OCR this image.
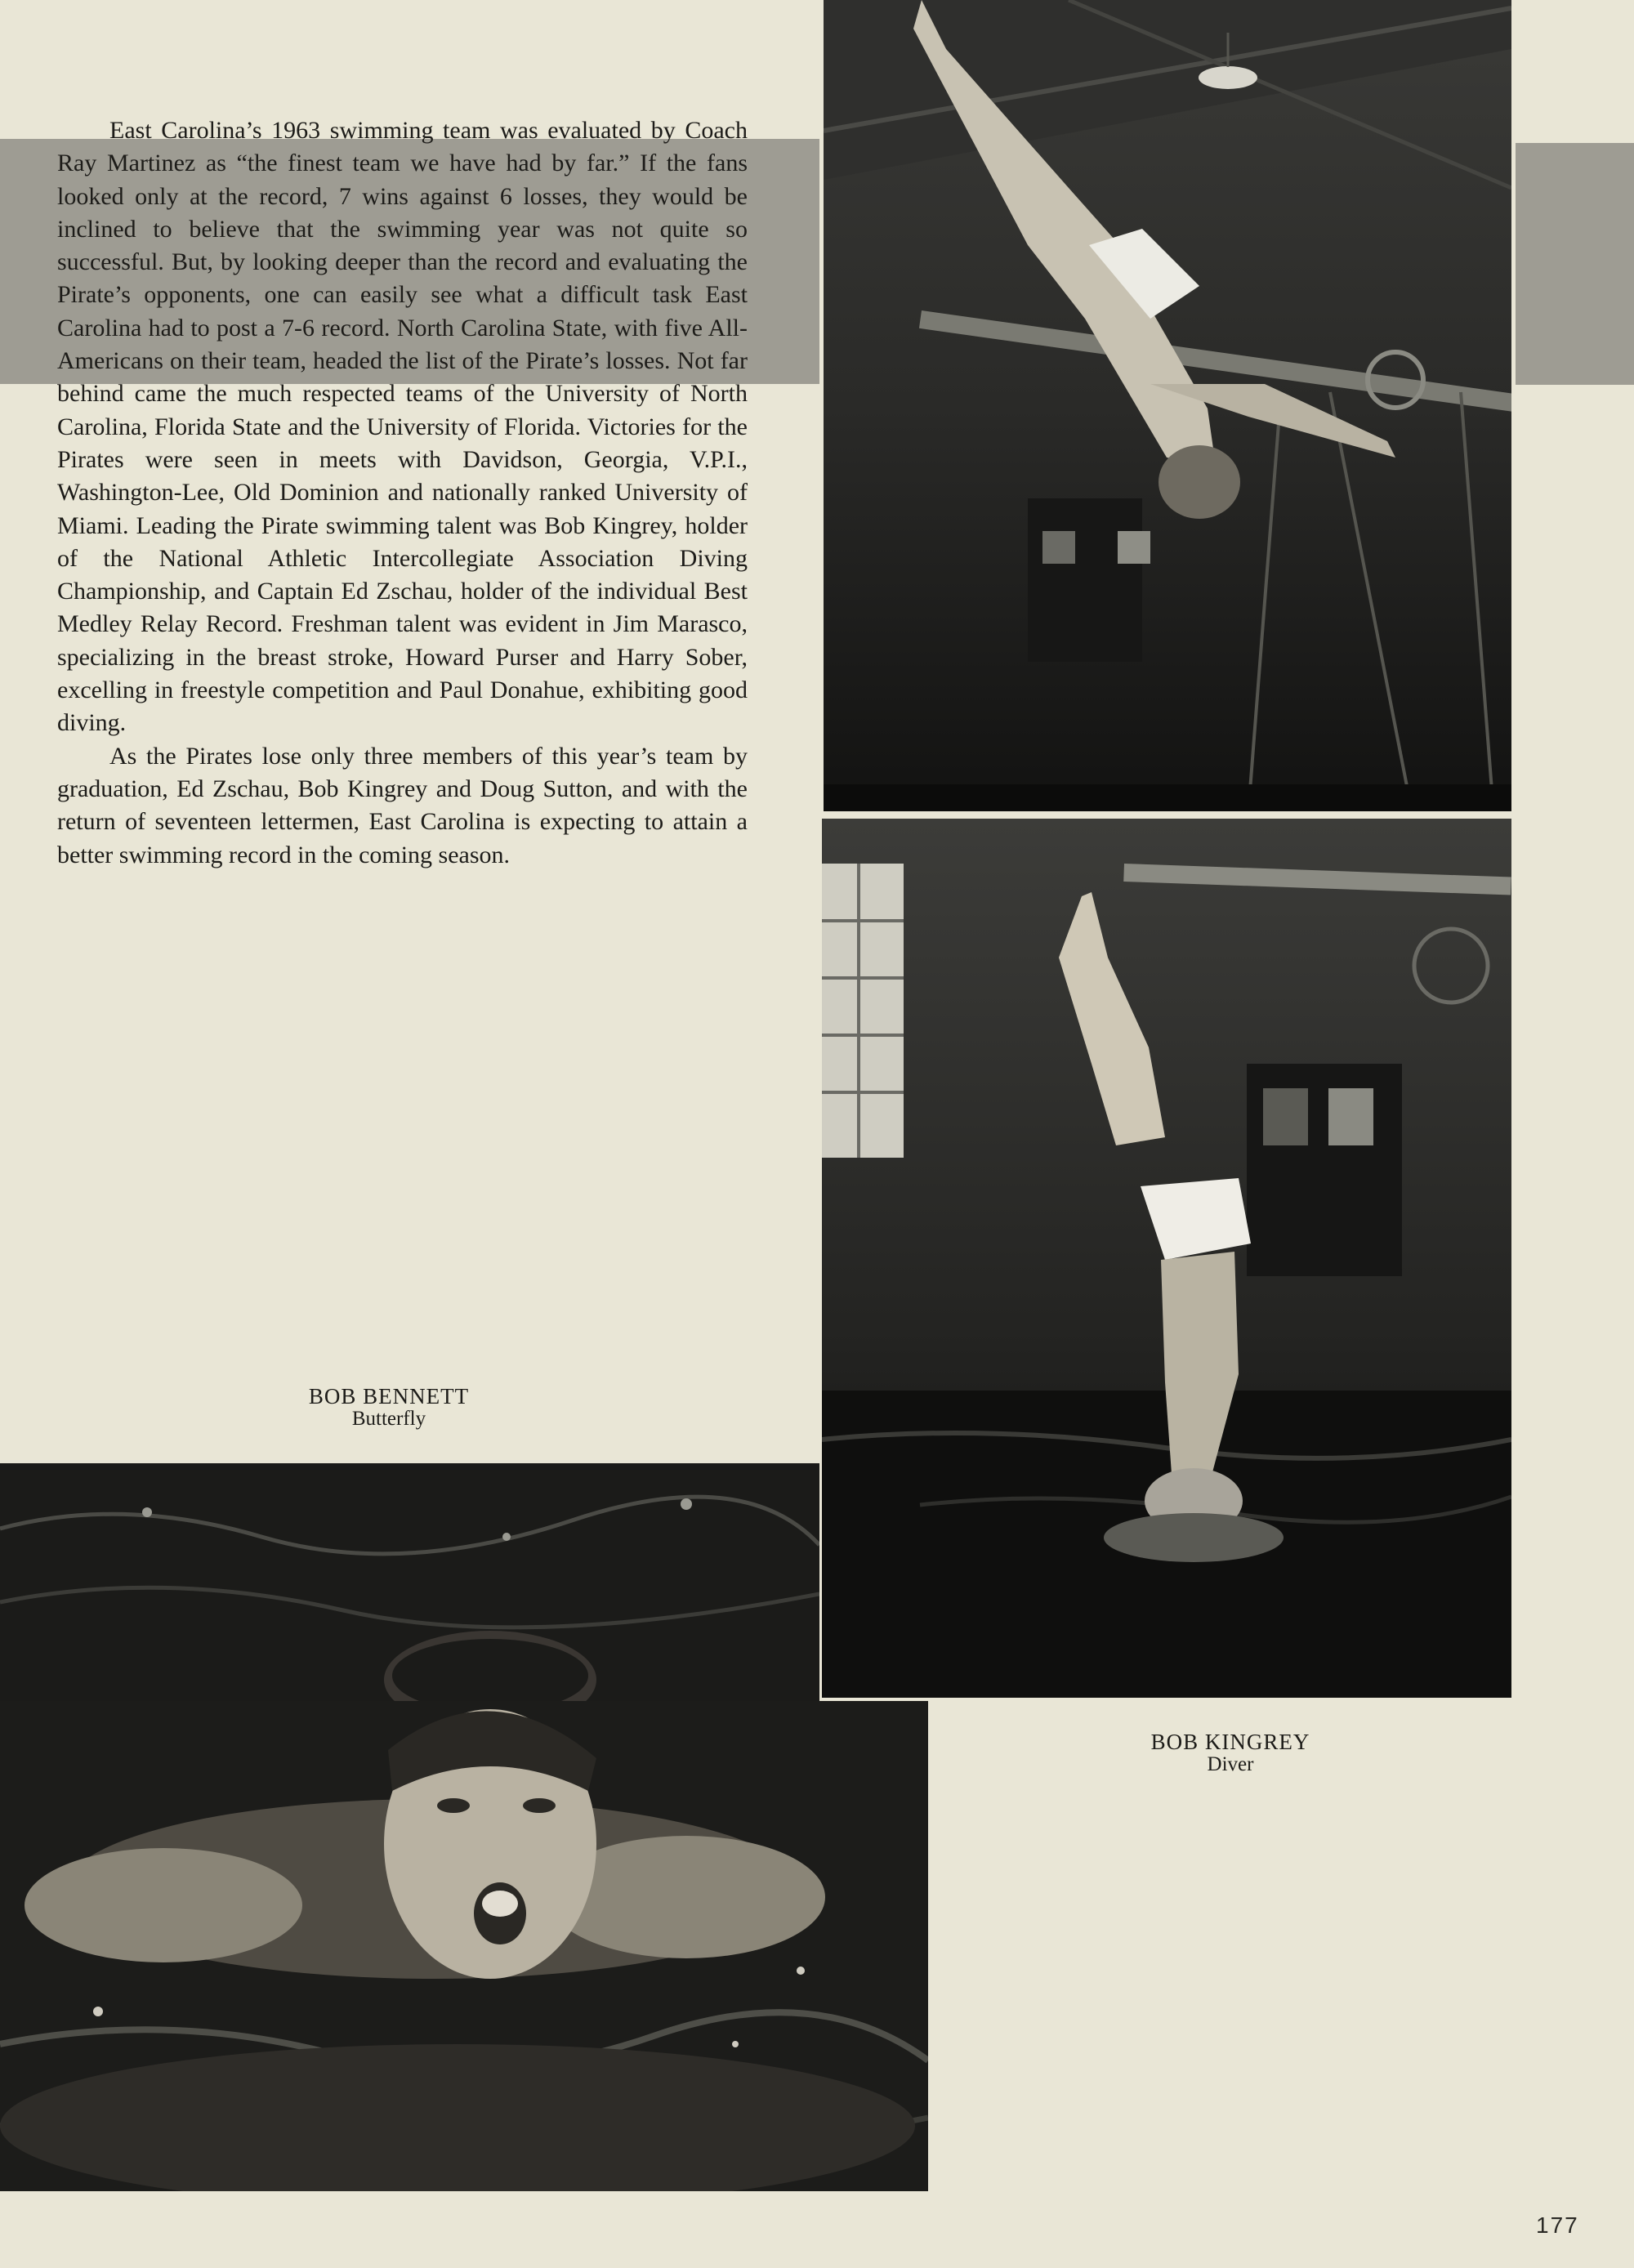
East Carolina’s 1963 swimming team was evaluated by Coach Ray Martinez as “the finest team we have had by far.” If the fans looked only at the record, 7 wins against 6 losses, they would be inclined to believe that the swimming year was not quite so successful. But, by looking deeper than the record and evaluating the Pirate’s opponents, one can easily see what a difficult task East Carolina had to post a 7-6 record. North Carolina State, with five All-Americans on their team, headed the list of the Pirate’s losses. Not far behind came the much respected teams of the University of North Carolina, Florida State and the University of Florida. Victories for the Pirates were seen in meets with Davidson, Georgia, V.P.I., Washington-Lee, Old Dominion and nationally ranked University of Miami. Leading the Pirate swimming talent was Bob Kingrey, holder of the National Athletic Intercollegiate Association Diving Championship, and Captain Ed Zschau, holder of the individual Best Medley Relay Record. Freshman talent was evident in Jim Marasco, specializing in the breast stroke, Howard Purser and Harry Sober, excelling in freestyle competition and Paul Donahue, exhibiting good diving.

As the Pirates lose only three members of this year’s team by graduation, Ed Zschau, Bob Kingrey and Doug Sutton, and with the return of seventeen lettermen, East Carolina is expecting to attain a better swimming record in the coming season.

BOB BENNETT
Butterfly
BOB KINGREY
Diver
177
